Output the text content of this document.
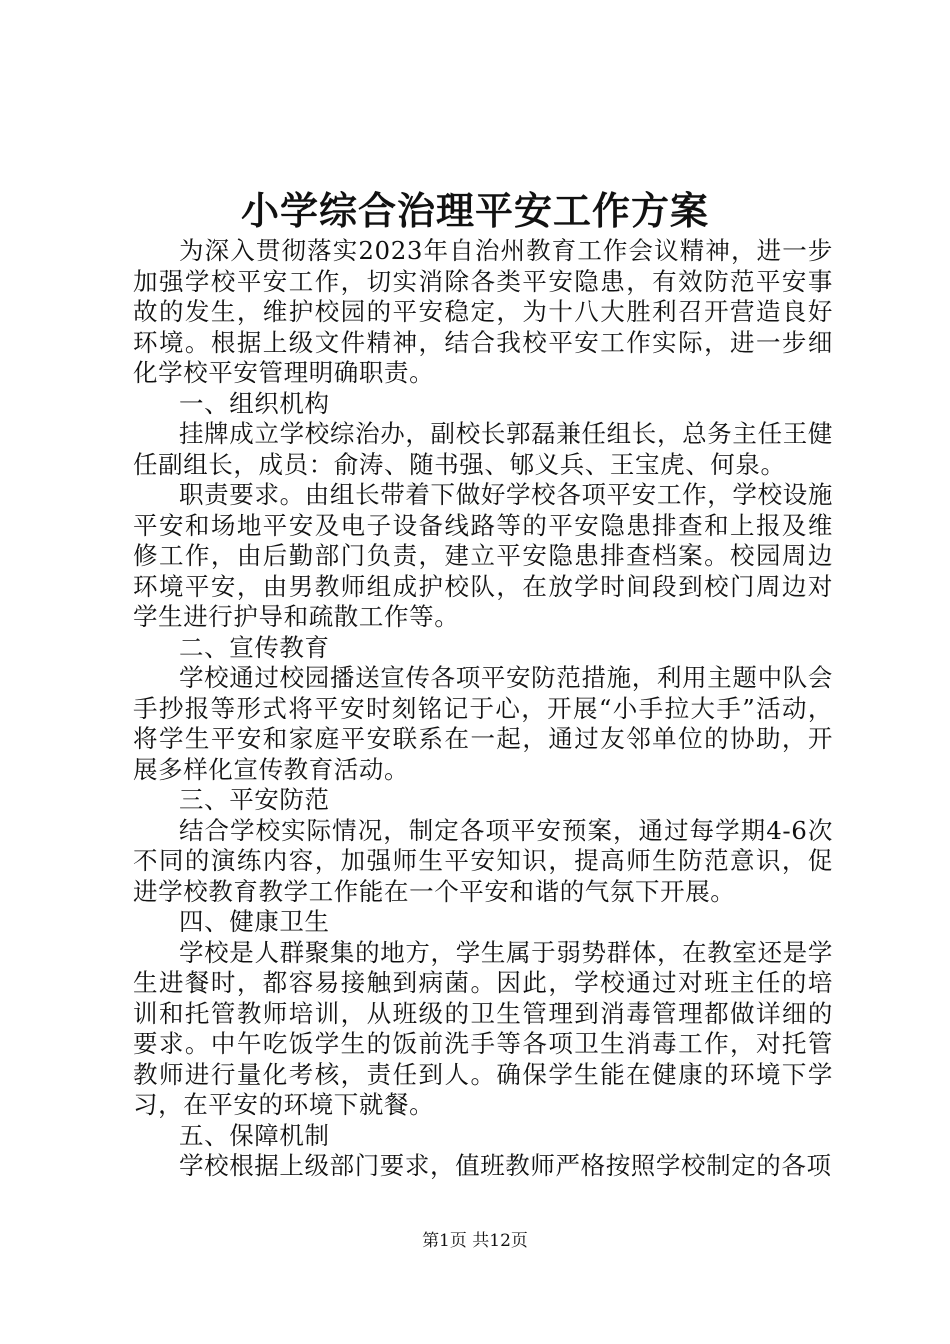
小学综合治理平安工作方案

为深入贯彻落实2023年自治州教育工作会议精神，进一步加强学校平安工作，切实消除各类平安隐患，有效防范平安事故的发生，维护校园的平安稳定，为十八大胜利召开营造良好环境。根据上级文件精神，结合我校平安工作实际，进一步细化学校平安管理明确职责。

一、组织机构

挂牌成立学校综治办，副校长郭磊兼任组长，总务主任王健任副组长，成员：俞涛、随书强、郇义兵、王宝虎、何泉。

职责要求。由组长带着下做好学校各项平安工作，学校设施平安和场地平安及电子设备线路等的平安隐患排查和上报及维修工作，由后勤部门负责，建立平安隐患排查档案。校园周边环境平安，由男教师组成护校队，在放学时间段到校门周边对学生进行护导和疏散工作等。

二、宣传教育

学校通过校园播送宣传各项平安防范措施，利用主题中队会手抄报等形式将平安时刻铭记于心，开展“小手拉大手”活动，将学生平安和家庭平安联系在一起，通过友邻单位的协助，开展多样化宣传教育活动。

三、平安防范

结合学校实际情况，制定各项平安预案，通过每学期4-6次不同的演练内容，加强师生平安知识，提高师生防范意识，促进学校教育教学工作能在一个平安和谐的气氛下开展。

四、健康卫生

学校是人群聚集的地方，学生属于弱势群体，在教室还是学生进餐时，都容易接触到病菌。因此，学校通过对班主任的培训和托管教师培训，从班级的卫生管理到消毒管理都做详细的要求。中午吃饭学生的饭前洗手等各项卫生消毒工作，对托管教师进行量化考核，责任到人。确保学生能在健康的环境下学习，在平安的环境下就餐。

五、保障机制

学校根据上级部门要求，值班教师严格按照学校制定的各项

第1页 共12页
